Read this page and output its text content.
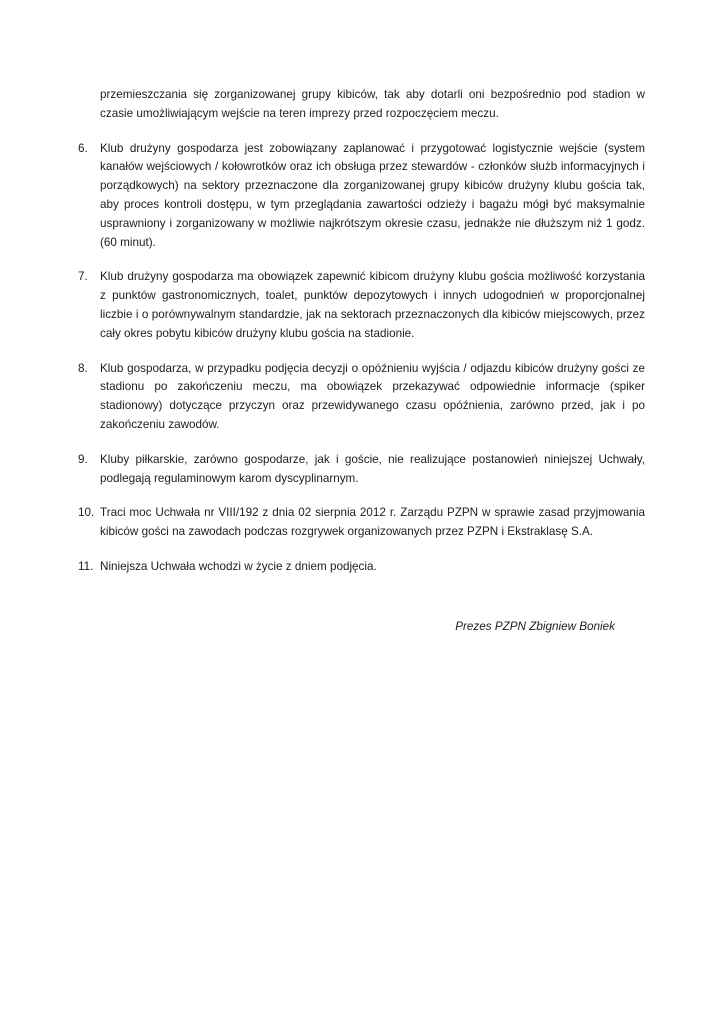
przemieszczania się zorganizowanej grupy kibiców, tak aby dotarli oni bezpośrednio pod stadion w czasie umożliwiającym wejście na teren imprezy przed rozpoczęciem meczu.

6. Klub drużyny gospodarza jest zobowiązany zaplanować i przygotować logistycznie wejście (system kanałów wejściowych / kołowrotków oraz ich obsługa przez stewardów - członków służb informacyjnych i porządkowych) na sektory przeznaczone dla zorganizowanej grupy kibiców drużyny klubu gościa tak, aby proces kontroli dostępu, w tym przeglądania zawartości odzieży i bagażu mógł być maksymalnie usprawniony i zorganizowany w możliwie najkrótszym okresie czasu, jednakże nie dłuższym niż 1 godz. (60 minut).
7. Klub drużyny gospodarza ma obowiązek zapewnić kibicom drużyny klubu gościa możliwość korzystania z punktów gastronomicznych, toalet, punktów depozytowych i innych udogodnień w proporcjonalnej liczbie i o porównywalnym standardzie, jak na sektorach przeznaczonych dla kibiców miejscowych, przez cały okres pobytu kibiców drużyny klubu gościa na stadionie.
8. Klub gospodarza, w przypadku podjęcia decyzji o opóźnieniu wyjścia / odjazdu kibiców drużyny gości ze stadionu po zakończeniu meczu, ma obowiązek przekazywać odpowiednie informacje (spiker stadionowy) dotyczące przyczyn oraz przewidywanego czasu opóźnienia, zarówno przed, jak i po zakończeniu zawodów.
9. Kluby piłkarskie, zarówno gospodarze, jak i goście, nie realizujące postanowień niniejszej Uchwały, podlegają regulaminowym karom dyscyplinarnym.
10. Traci moc Uchwała nr VIII/192 z dnia 02 sierpnia 2012 r. Zarządu PZPN w sprawie zasad przyjmowania kibiców gości na zawodach podczas rozgrywek organizowanych przez PZPN i Ekstraklasę S.A.
11. Niniejsza Uchwała wchodzi w życie z dniem podjęcia.

Prezes PZPN Zbigniew Boniek
